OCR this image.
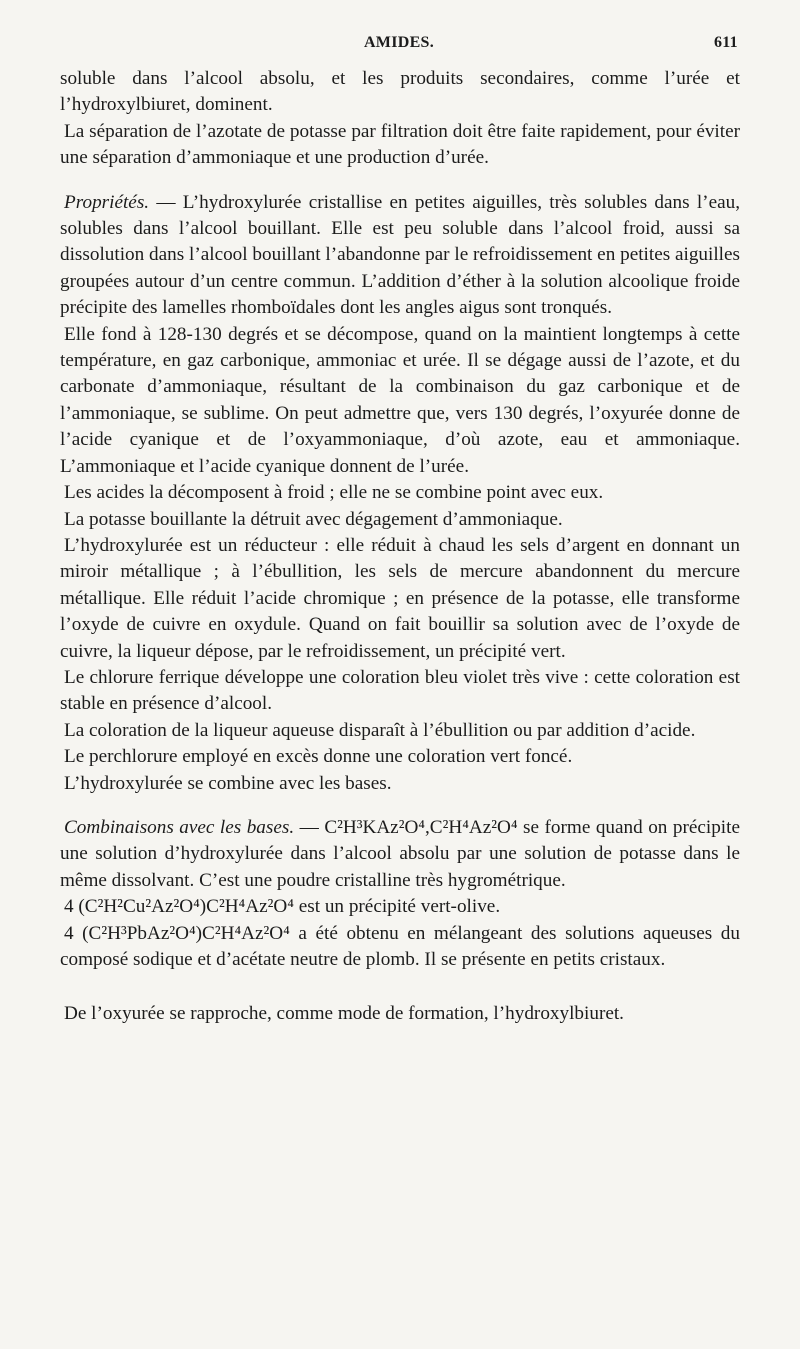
AMIDES.	611

soluble dans l’alcool absolu, et les produits secondaires, comme l’urée et l’hydroxylbiuret, dominent.

La séparation de l’azotate de potasse par filtration doit être faite rapidement, pour éviter une séparation d’ammoniaque et une production d’urée.

Propriétés. — L’hydroxylurée cristallise en petites aiguilles, très solubles dans l’eau, solubles dans l’alcool bouillant. Elle est peu soluble dans l’alcool froid, aussi sa dissolution dans l’alcool bouillant l’abandonne par le refroidissement en petites aiguilles groupées autour d’un centre commun. L’addition d’éther à la solution alcoolique froide précipite des lamelles rhomboïdales dont les angles aigus sont tronqués.

Elle fond à 128-130 degrés et se décompose, quand on la maintient longtemps à cette température, en gaz carbonique, ammoniac et urée. Il se dégage aussi de l’azote, et du carbonate d’ammoniaque, résultant de la combinaison du gaz carbonique et de l’ammoniaque, se sublime. On peut admettre que, vers 130 degrés, l’oxyurée donne de l’acide cyanique et de l’oxyammoniaque, d’où azote, eau et ammoniaque. L’ammoniaque et l’acide cyanique donnent de l’urée.

Les acides la décomposent à froid ; elle ne se combine point avec eux.

La potasse bouillante la détruit avec dégagement d’ammoniaque.

L’hydroxylurée est un réducteur : elle réduit à chaud les sels d’argent en donnant un miroir métallique ; à l’ébullition, les sels de mercure abandonnent du mercure métallique. Elle réduit l’acide chromique ; en présence de la potasse, elle transforme l’oxyde de cuivre en oxydule. Quand on fait bouillir sa solution avec de l’oxyde de cuivre, la liqueur dépose, par le refroidissement, un précipité vert.

Le chlorure ferrique développe une coloration bleu violet très vive : cette coloration est stable en présence d’alcool.

La coloration de la liqueur aqueuse disparaît à l’ébullition ou par addition d’acide.

Le perchlorure employé en excès donne une coloration vert foncé.

L’hydroxylurée se combine avec les bases.

Combinaisons avec les bases. — C²H³KAz²O⁴,C²H⁴Az²O⁴ se forme quand on précipite une solution d’hydroxylurée dans l’alcool absolu par une solution de potasse dans le même dissolvant. C’est une poudre cristalline très hygrométrique.

4 (C²H²Cu²Az²O⁴)C²H⁴Az²O⁴ est un précipité vert-olive.

4 (C²H³PbAz²O⁴)C²H⁴Az²O⁴ a été obtenu en mélangeant des solutions aqueuses du composé sodique et d’acétate neutre de plomb. Il se présente en petits cristaux.

De l’oxyurée se rapproche, comme mode de formation, l’hydroxylbiuret.
